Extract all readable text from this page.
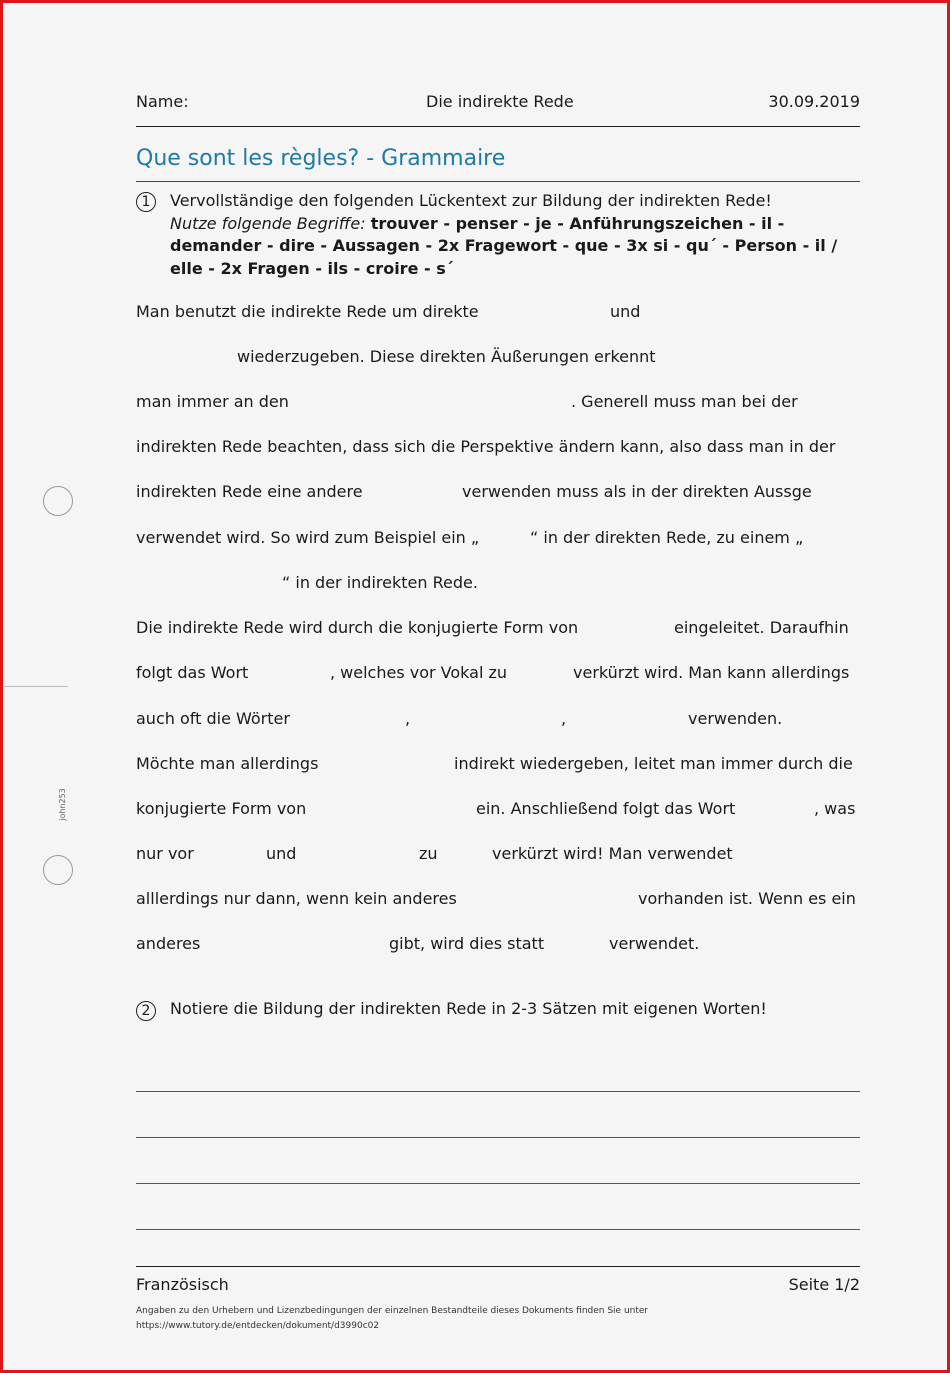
john253
Name:	Die indirekte Rede	30.09.2019
Que sont les règles? - Grammaire
1	Vervollständige den folgenden Lückentext zur Bildung der indirekten Rede!
Nutze folgende Begriffe: trouver - penser - je - Anführungszeichen - il - demander - dire - Aussagen - 2x Fragewort - que - 3x si - qu´ - Person - il / elle - 2x Fragen - ils - croire - s´
Man benutzt die indirekte Rede um direkte	und
wiederzugeben. Diese direkten Äußerungen erkennt
man immer an den	. Generell muss man bei der
indirekten Rede beachten, dass sich die Perspektive ändern kann, also dass man in der
indirekten Rede eine andere	verwenden muss als in der direkten Aussge
verwendet wird. So wird zum Beispiel ein „	“ in der direkten Rede, zu einem „
“ in der indirekten Rede.
Die indirekte Rede wird durch die konjugierte Form von	eingeleitet. Daraufhin
folgt das Wort	, welches vor Vokal zu	verkürzt wird. Man kann allerdings
auch oft die Wörter	,	,	verwenden.
Möchte man allerdings	indirekt wiedergeben, leitet man immer durch die
konjugierte Form von	ein. Anschließend folgt das Wort	, was
nur vor	und	zu	verkürzt wird! Man verwendet
alllerdings nur dann, wenn kein anderes	vorhanden ist. Wenn es ein
anderes	gibt, wird dies statt	verwendet.
2	Notiere die Bildung der indirekten Rede in 2-3 Sätzen mit eigenen Worten!
Französisch	Seite 1/2
Angaben zu den Urhebern und Lizenzbedingungen der einzelnen Bestandteile dieses Dokuments finden Sie unter
https://www.tutory.de/entdecken/dokument/d3990c02
